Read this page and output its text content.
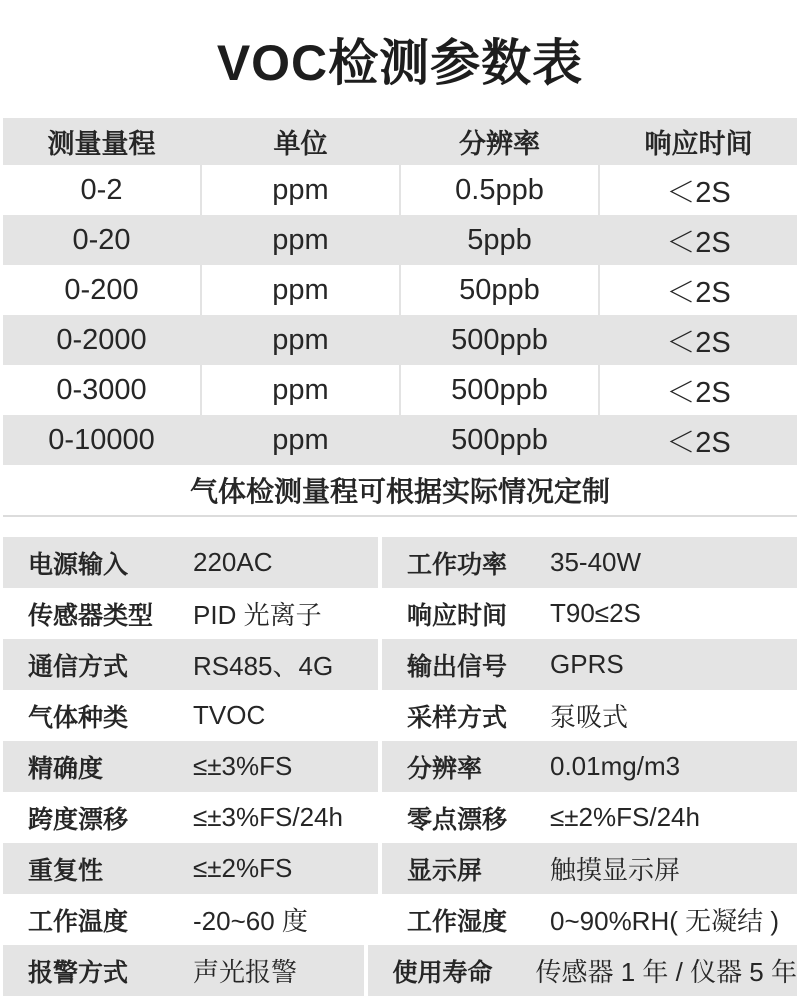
VOC检测参数表
测量量程	单位	分辨率	响应时间
0-2	ppm	0.5ppb	＜2S
0-20	ppm	5ppb	＜2S
0-200	ppm	50ppb	＜2S
0-2000	ppm	500ppb	＜2S
0-3000	ppm	500ppb	＜2S
0-10000	ppm	500ppb	＜2S
气体检测量程可根据实际情况定制
电源输入	220AC	工作功率	35-40W
传感器类型	PID 光离子	响应时间	T90≤2S
通信方式	RS485、4G	输出信号	GPRS
气体种类	TVOC	采样方式	泵吸式
精确度	≤±3%FS	分辨率	0.01mg/m3
跨度漂移	≤±3%FS/24h	零点漂移	≤±2%FS/24h
重复性	≤±2%FS	显示屏	触摸显示屏
工作温度	-20~60 度	工作湿度	0~90%RH( 无凝结 )
报警方式	声光报警	使用寿命	传感器 1 年 / 仪器 5 年
